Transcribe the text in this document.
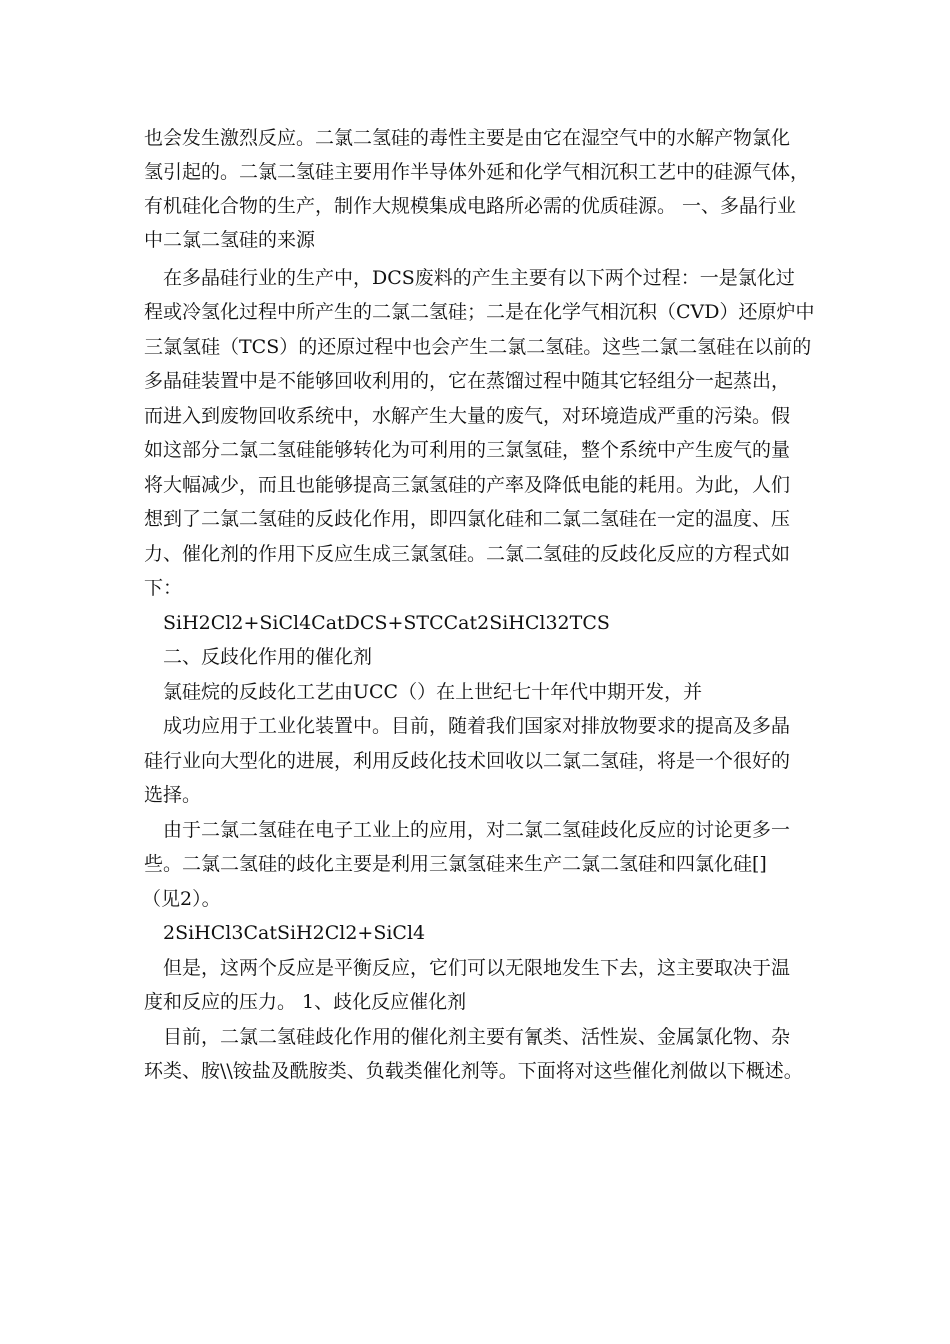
也会发生激烈反应。二氯二氢硅的毒性主要是由它在湿空气中的水解产物氯化
氢引起的。二氯二氢硅主要用作半导体外延和化学气相沉积工艺中的硅源气体，
有机硅化合物的生产，制作大规模集成电路所必需的优质硅源。 一、多晶行业
中二氯二氢硅的来源
在多晶硅行业的生产中，DCS废料的产生主要有以下两个过程：一是氯化过
程或冷氢化过程中所产生的二氯二氢硅；二是在化学气相沉积（CVD）还原炉中
三氯氢硅（TCS）的还原过程中也会产生二氯二氢硅。这些二氯二氢硅在以前的
多晶硅装置中是不能够回收利用的，它在蒸馏过程中随其它轻组分一起蒸出，
而进入到废物回收系统中，水解产生大量的废气，对环境造成严重的污染。假
如这部分二氯二氢硅能够转化为可利用的三氯氢硅，整个系统中产生废气的量
将大幅减少，而且也能够提高三氯氢硅的产率及降低电能的耗用。为此，人们
想到了二氯二氢硅的反歧化作用，即四氯化硅和二氯二氢硅在一定的温度、压
力、催化剂的作用下反应生成三氯氢硅。二氯二氢硅的反歧化反应的方程式如
下：
SiH2Cl2+SiCl4CatDCS+STCCat2SiHCl32TCS
二、反歧化作用的催化剂
氯硅烷的反歧化工艺由UCC（）在上世纪七十年代中期开发，并
成功应用于工业化装置中。目前，随着我们国家对排放物要求的提高及多晶
硅行业向大型化的进展，利用反歧化技术回收以二氯二氢硅，将是一个很好的
选择。
由于二氯二氢硅在电子工业上的应用，对二氯二氢硅歧化反应的讨论更多一
些。二氯二氢硅的歧化主要是利用三氯氢硅来生产二氯二氢硅和四氯化硅[]
（见2）。
2SiHCl3CatSiH2Cl2+SiCl4
但是，这两个反应是平衡反应，它们可以无限地发生下去，这主要取决于温
度和反应的压力。 1、歧化反应催化剂
目前，二氯二氢硅歧化作用的催化剂主要有氰类、活性炭、金属氯化物、杂
环类、胺\\铵盐及酰胺类、负载类催化剂等。下面将对这些催化剂做以下概述。
